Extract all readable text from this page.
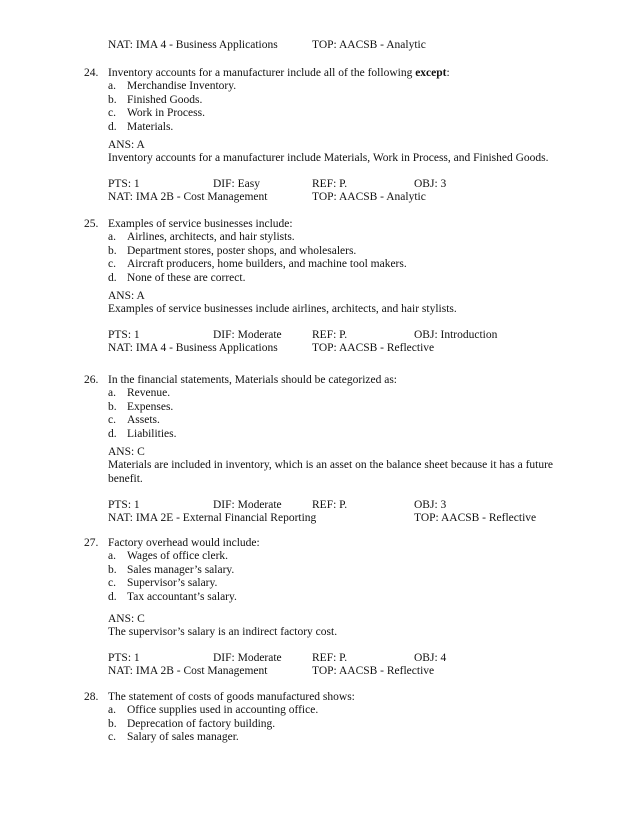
NAT: IMA 4 - Business Applications	TOP: AACSB - Analytic
24. Inventory accounts for a manufacturer include all of the following except:
a. Merchandise Inventory.
b. Finished Goods.
c. Work in Process.
d. Materials.
ANS: A
Inventory accounts for a manufacturer include Materials, Work in Process, and Finished Goods.
PTS: 1	DIF: Easy	REF: P.	OBJ: 3
NAT: IMA 2B - Cost Management	TOP: AACSB - Analytic
25. Examples of service businesses include:
a. Airlines, architects, and hair stylists.
b. Department stores, poster shops, and wholesalers.
c. Aircraft producers, home builders, and machine tool makers.
d. None of these are correct.
ANS: A
Examples of service businesses include airlines, architects, and hair stylists.
PTS: 1	DIF: Moderate	REF: P.	OBJ: Introduction
NAT: IMA 4 - Business Applications	TOP: AACSB - Reflective
26. In the financial statements, Materials should be categorized as:
a. Revenue.
b. Expenses.
c. Assets.
d. Liabilities.
ANS: C
Materials are included in inventory, which is an asset on the balance sheet because it has a future benefit.
PTS: 1	DIF: Moderate	REF: P.	OBJ: 3
NAT: IMA 2E - External Financial Reporting	TOP: AACSB - Reflective
27. Factory overhead would include:
a. Wages of office clerk.
b. Sales manager’s salary.
c. Supervisor’s salary.
d. Tax accountant’s salary.
ANS: C
The supervisor’s salary is an indirect factory cost.
PTS: 1	DIF: Moderate	REF: P.	OBJ: 4
NAT: IMA 2B - Cost Management	TOP: AACSB - Reflective
28. The statement of costs of goods manufactured shows:
a. Office supplies used in accounting office.
b. Deprecation of factory building.
c. Salary of sales manager.
